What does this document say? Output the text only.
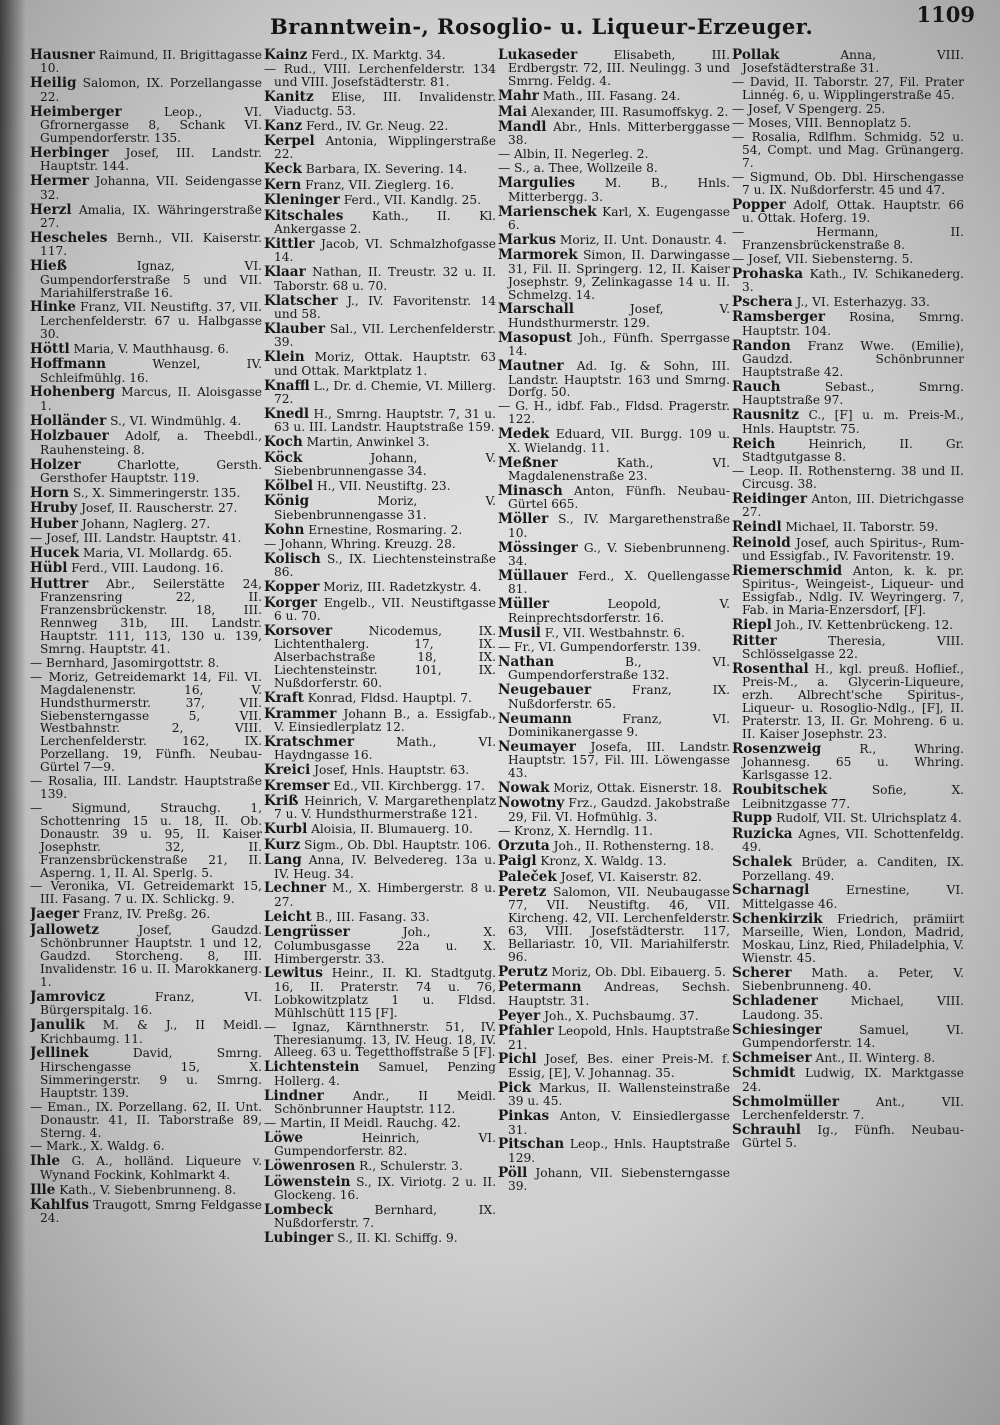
Branntwein-, Rosoglio- u. Liqueur-Erzeuger.	1109

Hausner Raimund, II. Brigittagasse 10.

Heilig Salomon, IX. Porzellangasse 22.

Heimberger	Leop., VI. Gfrornergasse 8, Schank VI. Gumpendorferstr. 135.

Herbinger Josef, III. Landstr. Hauptstr. 144.

Hermer Johanna, VII. Seidengasse 32.

Herzl Amalia, IX. Währingerstraße 27.

Hescheles Bernh., VII. Kaiserstr. 117.

Hieß	Ignaz, VI. Gumpendorferstraße 5 und VII. Mariahilferstraße 16.

Hinke Franz, VII. Neustiftg. 37, VII. Lerchenfelderstr. 67 u. Halbgasse 30.

Höttl Maria, V. Mauthhausg. 6.

Hoffmann	Wenzel, IV. Schleifmühlg. 16.

Hohenberg Marcus, II. Aloisgasse 1.

Holländer S., VI. Windmühlg. 4.

Holzbauer Adolf, a. Theebdl., Rauhensteing. 8.

Holzer	Charlotte, Gersth. Gersthofer Hauptstr. 119.

Horn S., X. Simmeringerstr. 135.

Hruby Josef, II. Rauscherstr. 27.

Huber Johann, Naglerg. 27.

— Josef, III. Landstr. Hauptstr. 41.

Hucek Maria, VI. Mollardg. 65.

Hübl Ferd., VIII. Laudong. 16.

Huttrer Abr., Seilerstätte 24, Franzensring 22, II. Franzensbrückenstr. 18, III. Rennweg 31b, III. Landstr. Hauptstr. 111, 113, 130 u. 139, Smrng. Hauptstr. 41.

— Bernhard, Jasomirgottstr. 8.

— Moriz, Getreidemarkt 14, Fil. VI. Magdalenenstr. 16, V. Hundsthurmerstr. 37, VII. Siebensterngasse 5, VII. Westbahnstr. 2, VIII. Lerchenfelderstr. 162, IX. Porzellang. 19, Fünfh. Neubau-Gürtel 7—9.

— Rosalia, III. Landstr. Hauptstraße 139.

— Sigmund, Strauchg. 1, Schottenring 15 u. 18, II. Ob. Donaustr. 39 u. 95, II. Kaiser Josephstr. 32, II. Franzensbrückenstraße 21, II. Asperng. 1, II. Al. Sperlg. 5.

— Veronika, VI. Getreidemarkt 15, III. Fasang. 7 u. IX. Schlickg. 9.

Jaeger Franz, IV. Preßg. 26.

Jallowetz	Josef, Gaudzd. Schönbrunner Hauptstr. 1 und 12, Gaudzd. Storcheng. 8, III. Invalidenstr. 16 u. II. Marokkanerg. 1.

Jamrovicz	Franz, VI. Bürgerspitalg. 16.

Janulik M. & J., II Meidl. Krichbaumg. 11.

Jellinek	David, Smrng. Hirschengasse 15, X. Simmeringerstr. 9 u. Smrng. Hauptstr. 139.

— Eman., IX. Porzellang. 62, II. Unt. Donaustr. 41, II. Taborstraße 89, Sterng. 4.

— Mark., X. Waldg. 6.

Ihle G. A., holländ. Liqueure v. Wynand Fockink, Kohlmarkt 4.

Ille Kath., V. Siebenbrunneng. 8.

Kahlfus Traugott, Smrng Feldgasse 24.

Kainz Ferd., IX. Marktg. 34.

— Rud., VIII. Lerchenfelderstr. 134 und VIII. Josefstädterstr. 81.

Kanitz Elise, III. Invalidenstr. Viaductg. 53.

Kanz Ferd., IV. Gr. Neug. 22.

Kerpel Antonia, Wipplingerstraße 22.

Keck Barbara, IX. Severing. 14.

Kern Franz, VII. Zieglerg. 16.

Kleninger Ferd., VII. Kandlg. 25.

Kitschales Kath., II. Kl. Ankergasse 2.

Kittler Jacob, VI. Schmalzhofgasse 14.

Klaar Nathan, II. Treustr. 32 u. II. Taborstr. 68 u. 70.

Klatscher J., IV. Favoritenstr. 14 und 58.

Klauber Sal., VII. Lerchenfelderstr. 39.

Klein Moriz, Ottak. Hauptstr. 63 und Ottak. Marktplatz 1.

Knaffl L., Dr. d. Chemie, VI. Millerg. 72.

Knedl H., Smrng. Hauptstr. 7, 31 u. 63 u. III. Landstr. Hauptstraße 159.

Koch Martin, Anwinkel 3.

Köck	Johann, V. Siebenbrunnengasse 34.

Kölbel H., VII. Neustiftg. 23.

König	Moriz, V. Siebenbrunnengasse 31.

Kohn Ernestine, Rosmaring. 2.

— Johann, Whring. Kreuzg. 28.

Kolisch S., IX. Liechtensteinstraße 86.

Kopper Moriz, III. Radetzkystr. 4.

Korger Engelb., VII. Neustiftgasse 6 u. 70.

Korsover	Nicodemus, IX. Lichtenthalerg. 17, IX. Alserbachstraße 18, IX. Liechtensteinstr. 101, IX. Nußdorferstr. 60.

Kraft Konrad, Fldsd. Hauptpl. 7.

Krammer Johann B., a. Essigfab., V. Einsiedlerplatz 12.

Kratschmer	Math., VI. Haydngasse 16.

Kreici Josef, Hnls. Hauptstr. 63.

Kremser Ed., VII. Kirchbergg. 17.

Kriß Heinrich, V. Margarethenplatz 7 u. V. Hundsthurmerstraße 121.

Kurbl Aloisia, II. Blumauerg. 10.

Kurz Sigm., Ob. Dbl. Hauptstr. 106.

Lang Anna, IV. Belvedereg. 13a u. IV. Heug. 34.

Lechner M., X. Himbergerstr. 8 u. 27.

Leicht B., III. Fasang. 33.

Lengrüsser	Joh., X. Columbusgasse 22a u. X. Himbergerstr. 33.

Lewitus Heinr., II. Kl. Stadtgutg. 16, II. Praterstr. 74 u. 76, Lobkowitzplatz 1 u. Fldsd. Mühlschütt 115 [F].

— Ignaz, Kärnthnerstr. 51, IV. Theresianumg. 13, IV. Heug. 18, IV. Alleeg. 63 u. Tegetthoffstraße 5 [F].

Lichtenstein Samuel, Penzing Hollerg. 4.

Lindner Andr., II Meidl. Schönbrunner Hauptstr. 112.

— Martin, II Meidl. Rauchg. 42.

Löwe	Heinrich, VI. Gumpendorferstr. 82.

Löwenrosen R., Schulerstr. 3.

Löwenstein S., IX. Viriotg. 2 u. II. Glockeng. 16.

Lombeck	Bernhard, IX. Nußdorferstr. 7.

Lubinger S., II. Kl. Schiffg. 9.

Lukaseder	Elisabeth, III. Erdbergstr. 72, III. Neulingg. 3 und Smrng. Feldg. 4.

Mahr Math., III. Fasang. 24.

Mai Alexander, III. Rasumoffskyg. 2.

Mandl Abr., Hnls. Mitterberggasse 38.

— Albin, II. Negerleg. 2.

— S., a. Thee, Wollzeile 8.

Margulies M. B., Hnls. Mitterbergg. 3.

Marienschek Karl, X. Eugengasse 6.

Markus Moriz, II. Unt. Donaustr. 4.

Marmorek Simon, II. Darwingasse 31, Fil. II. Springerg. 12, II. Kaiser Josephstr. 9, Zelinkagasse 14 u. II. Schmelzg. 14.

Marschall	Josef, V. Hundsthurmerstr. 129.

Masopust Joh., Fünfh. Sperrgasse 14.

Mautner Ad. Ig. & Sohn, III. Landstr. Hauptstr. 163 und Smrng. Dorfg. 50.

— G. H., idbf. Fab., Fldsd. Pragerstr. 122.

Medek Eduard, VII. Burgg. 109 u. X. Wielandg. 11.

Meßner	Kath., VI. Magdalenenstraße 23.

Minasch Anton, Fünfh. Neubau-Gürtel 665.

Möller S., IV. Margarethenstraße 10.

Mössinger G., V. Siebenbrunneng. 34.

Müllauer Ferd., X. Quellengasse 81.

Müller	Leopold, V. Reinprechtsdorferstr. 16.

Musil F., VII. Westbahnstr. 6.

— Fr., VI. Gumpendorferstr. 139.

Nathan	B., VI. Gumpendorferstraße 132.

Neugebauer	Franz, IX. Nußdorferstr. 65.

Neumann	Franz, VI. Dominikanergasse 9.

Neumayer Josefa, III. Landstr. Hauptstr. 157, Fil. III. Löwengasse 43.

Nowak Moriz, Ottak. Eisnerstr. 18.

Nowotny Frz., Gaudzd. Jakobstraße 29, Fil. VI. Hofmühlg. 3.

— Kronz, X. Herndlg. 11.

Orzuta Joh., II. Rothensterng. 18.

Paigl Kronz, X. Waldg. 13.

Paleček Josef, VI. Kaiserstr. 82.

Peretz Salomon, VII. Neubaugasse 77, VII. Neustiftg. 46, VII. Kircheng. 42, VII. Lerchenfelderstr. 63, VIII. Josefstädterstr. 117, Bellariastr. 10, VII. Mariahilferstr. 96.

Perutz Moriz, Ob. Dbl. Eibauerg. 5.

Petermann Andreas, Sechsh. Hauptstr. 31.

Peyer Joh., X. Puchsbaumg. 37.

Pfahler Leopold, Hnls. Hauptstraße 21.

Pichl Josef, Bes. einer Preis-M. f. Essig, [E], V. Johannag. 35.

Pick Markus, II. Wallensteinstraße 39 u. 45.

Pinkas Anton, V. Einsiedlergasse 31.

Pitschan Leop., Hnls. Hauptstraße 129.

Pöll Johann, VII. Siebensterngasse 39.

Pollak	Anna, VIII. Josefstädterstraße 31.

— David, II. Taborstr. 27, Fil. Prater Linnég. 6, u. Wipplingerstraße 45.

— Josef, V Spengerg. 25.

— Moses, VIII. Bennoplatz 5.

— Rosalia, Rdlfhm. Schmidg. 52 u. 54, Compt. und Mag. Grünangerg. 7.

— Sigmund, Ob. Dbl. Hirschengasse 7 u. IX. Nußdorferstr. 45 und 47.

Popper Adolf, Ottak. Hauptstr. 66 u. Ottak. Hoferg. 19.

— Hermann, II. Franzensbrückenstraße 8.

— Josef, VII. Siebensterng. 5.

Prohaska Kath., IV. Schikanederg. 3.

Pschera J., VI. Esterhazyg. 33.

Ramsberger Rosina, Smrng. Hauptstr. 104.

Randon Franz Wwe. (Emilie), Gaudzd. Schönbrunner Hauptstraße 42.

Rauch	Sebast., Smrng. Hauptstraße 97.

Rausnitz C., [F] u. m. Preis-M., Hnls. Hauptstr. 75.

Reich	Heinrich, II. Gr. Stadtgutgasse 8.

— Leop. II. Rothensterng. 38 und II. Circusg. 38.

Reidinger Anton, III. Dietrichgasse 27.

Reindl Michael, II. Taborstr. 59.

Reinold Josef, auch Spiritus-, Rum- und Essigfab., IV. Favoritenstr. 19.

Riemerschmid Anton, k. k. pr. Spiritus-, Weingeist-, Liqueur- und Essigfab., Ndlg. IV. Weyringerg. 7, Fab. in Maria-Enzersdorf, [F].

Riepl Joh., IV. Kettenbrückeng. 12.

Ritter	Theresia, VIII. Schlösselgasse 22.

Rosenthal H., kgl. preuß. Hoflief., Preis-M., a. Glycerin-Liqueure, erzh. Albrecht'sche Spiritus-, Liqueur- u. Rosoglio-Ndlg., [F], II. Praterstr. 13, II. Gr. Mohreng. 6 u. II. Kaiser Josephstr. 23.

Rosenzweig	R., Whring. Johannesg. 65 u. Whring. Karlsgasse 12.

Roubitschek	Sofie, X. Leibnitzgasse 77.

Rupp Rudolf, VII. St. Ulrichsplatz 4.

Ruzicka Agnes, VII. Schottenfeldg. 49.

Schalek Brüder, a. Canditen, IX. Porzellang. 49.

Scharnagl	Ernestine, VI. Mittelgasse 46.

Schenkirzik Friedrich, prämiirt Marseille, Wien, London, Madrid, Moskau, Linz, Ried, Philadelphia, V. Wienstr. 45.

Scherer Math. a. Peter, V. Siebenbrunneng. 40.

Schladener	Michael, VIII. Laudong. 35.

Schiesinger	Samuel, VI. Gumpendorferstr. 14.

Schmeiser Ant., II. Winterg. 8.

Schmidt Ludwig, IX. Marktgasse 24.

Schmolmüller	Ant., VII. Lerchenfelderstr. 7.

Schrauhl Ig., Fünfh. Neubau-Gürtel 5.
